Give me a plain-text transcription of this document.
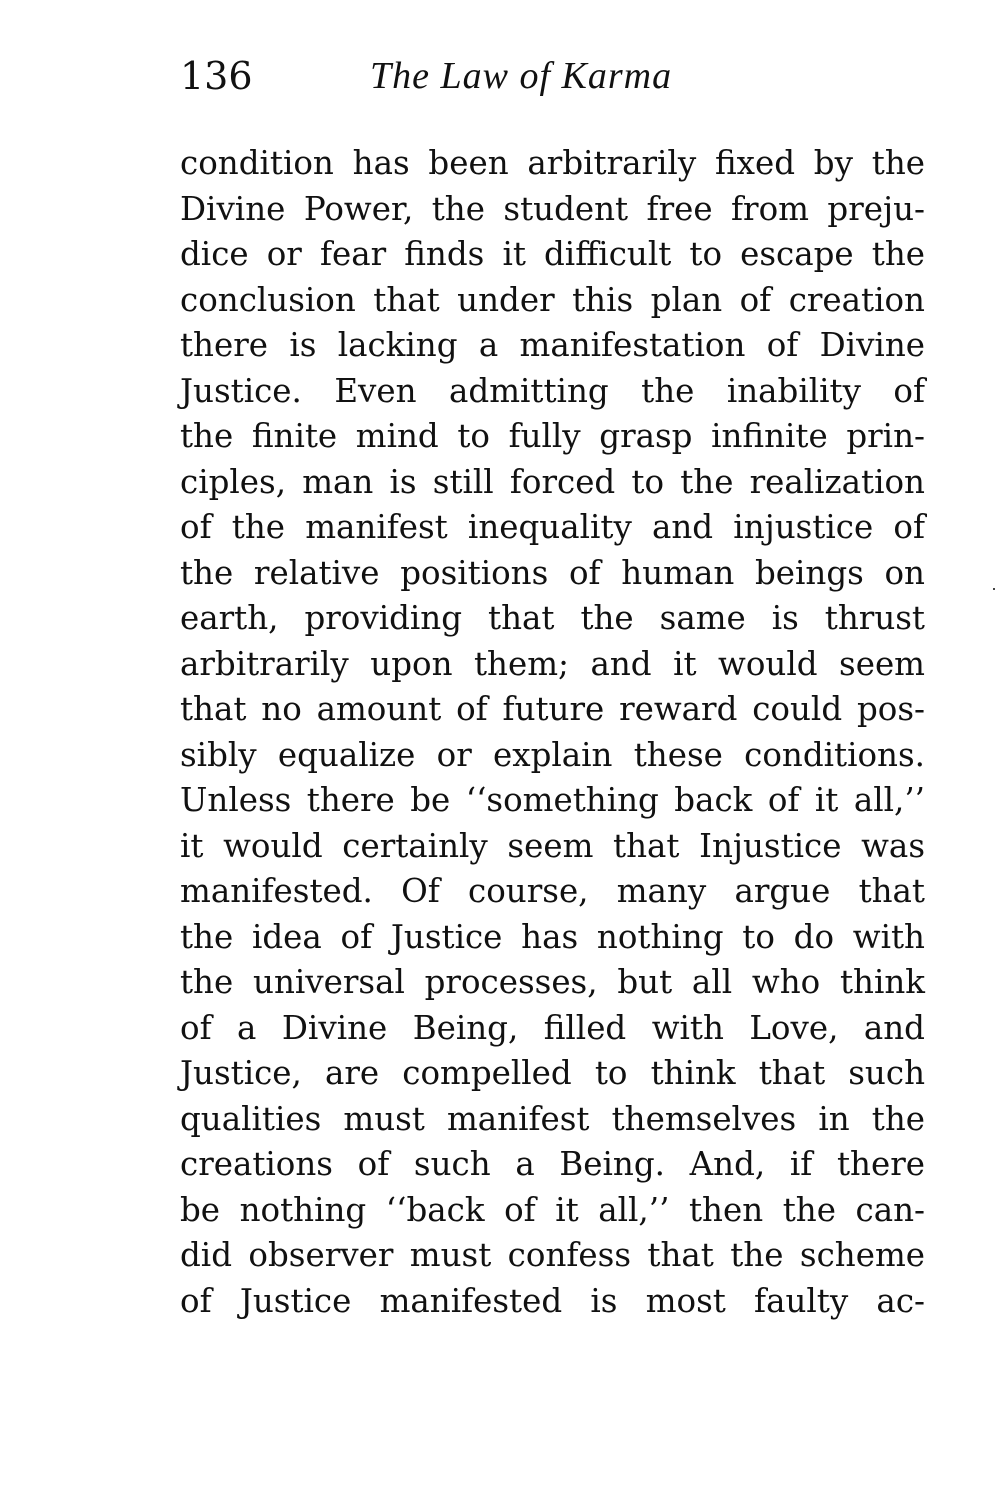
136	The Law of Karma
condition has been arbitrarily fixed by the
Divine Power, the student free from preju-
dice or fear finds it difficult to escape the
conclusion that under this plan of creation
there is lacking a manifestation of Divine
Justice. Even admitting the inability of
the finite mind to fully grasp infinite prin-
ciples, man is still forced to the realization
of the manifest inequality and injustice of
the relative positions of human beings on
earth, providing that the same is thrust
arbitrarily upon them; and it would seem
that no amount of future reward could pos-
sibly equalize or explain these conditions.
Unless there be ‘‘something back of it all,’’
it would certainly seem that Injustice was
manifested. Of course, many argue that
the idea of Justice has nothing to do with
the universal processes, but all who think
of a Divine Being, filled with Love, and
Justice, are compelled to think that such
qualities must manifest themselves in the
creations of such a Being. And, if there
be nothing ‘‘back of it all,’’ then the can-
did observer must confess that the scheme
of Justice manifested is most faulty ac-
